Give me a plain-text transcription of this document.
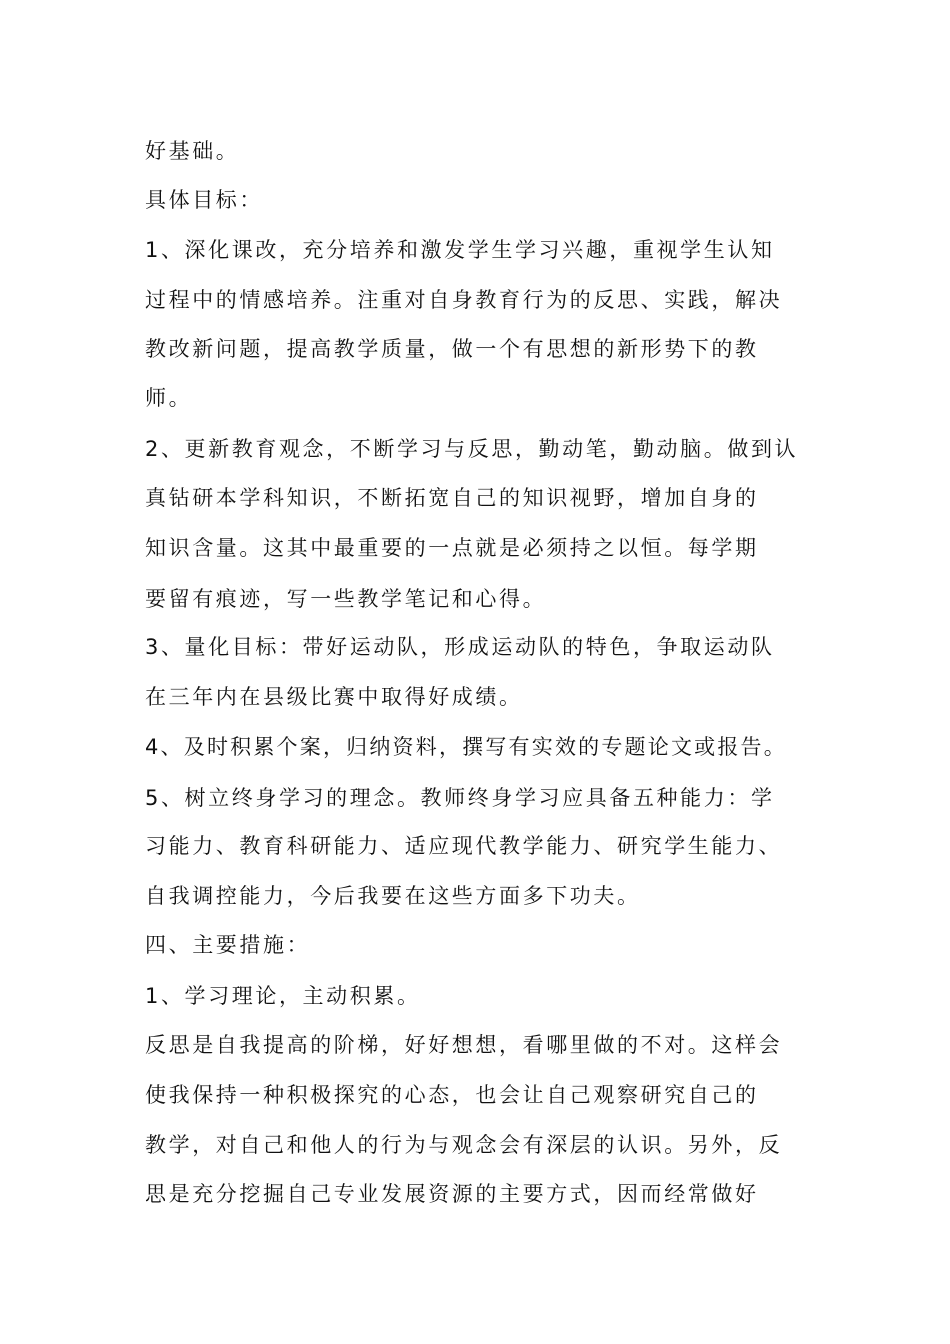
好基础。
具体目标：
1、深化课改，充分培养和激发学生学习兴趣，重视学生认知
过程中的情感培养。注重对自身教育行为的反思、实践，解决
教改新问题，提高教学质量，做一个有思想的新形势下的教
师。
2、更新教育观念，不断学习与反思，勤动笔，勤动脑。做到认
真钻研本学科知识，不断拓宽自己的知识视野，增加自身的
知识含量。这其中最重要的一点就是必须持之以恒。每学期
要留有痕迹，写一些教学笔记和心得。
3、量化目标：带好运动队，形成运动队的特色，争取运动队
在三年内在县级比赛中取得好成绩。
4、及时积累个案，归纳资料，撰写有实效的专题论文或报告。
5、树立终身学习的理念。教师终身学习应具备五种能力：学
习能力、教育科研能力、适应现代教学能力、研究学生能力、
自我调控能力，今后我要在这些方面多下功夫。
四、主要措施：
1、学习理论，主动积累。
反思是自我提高的阶梯，好好想想，看哪里做的不对。这样会
使我保持一种积极探究的心态，也会让自己观察研究自己的
教学，对自己和他人的行为与观念会有深层的认识。另外，反
思是充分挖掘自己专业发展资源的主要方式，因而经常做好
